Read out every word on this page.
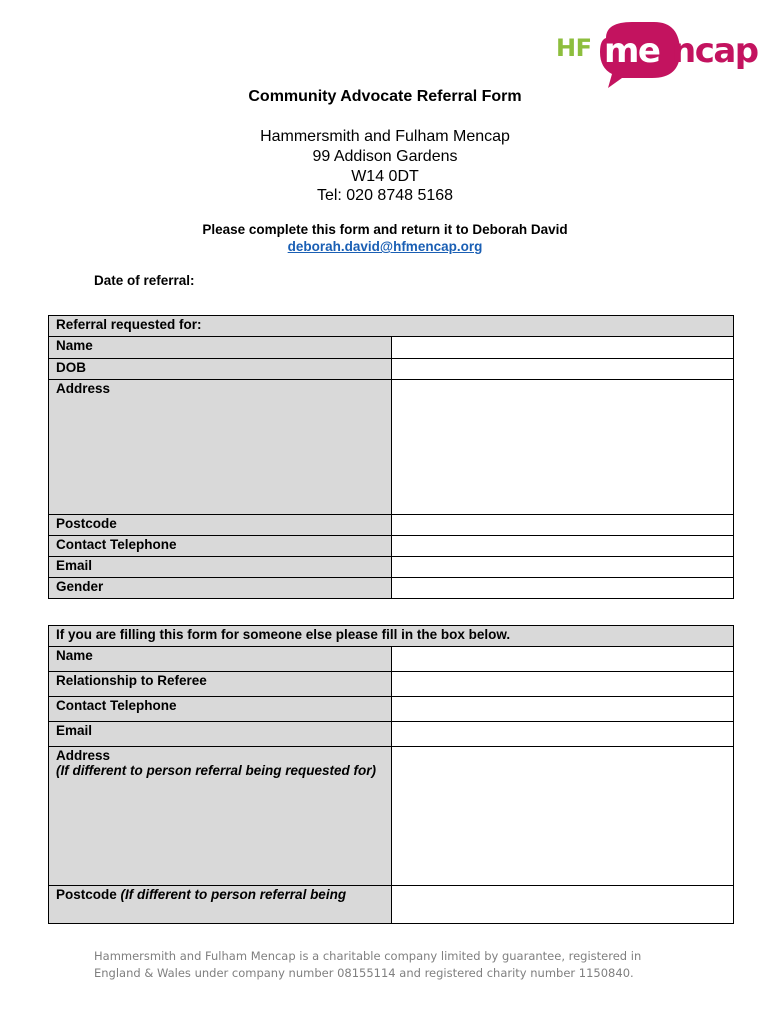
HF me ncap
Community Advocate Referral Form
Hammersmith and Fulham Mencap
99 Addison Gardens
W14 0DT
Tel: 020 8748 5168
Please complete this form and return it to Deborah David
deborah.david@hfmencap.org
Date of referral:
Referral requested for:	
Name	
DOB	
Address	
Postcode	
Contact Telephone	
Email	
Gender	
If you are filling this form for someone else please fill in the box below.	
Name	
Relationship to Referee	
Contact Telephone	
Email	
Address
(If different to person referral being requested for)	
Postcode (If different to person referral being	
Hammersmith and Fulham Mencap is a charitable company limited by guarantee, registered in
England & Wales under company number 08155114 and registered charity number 1150840.
